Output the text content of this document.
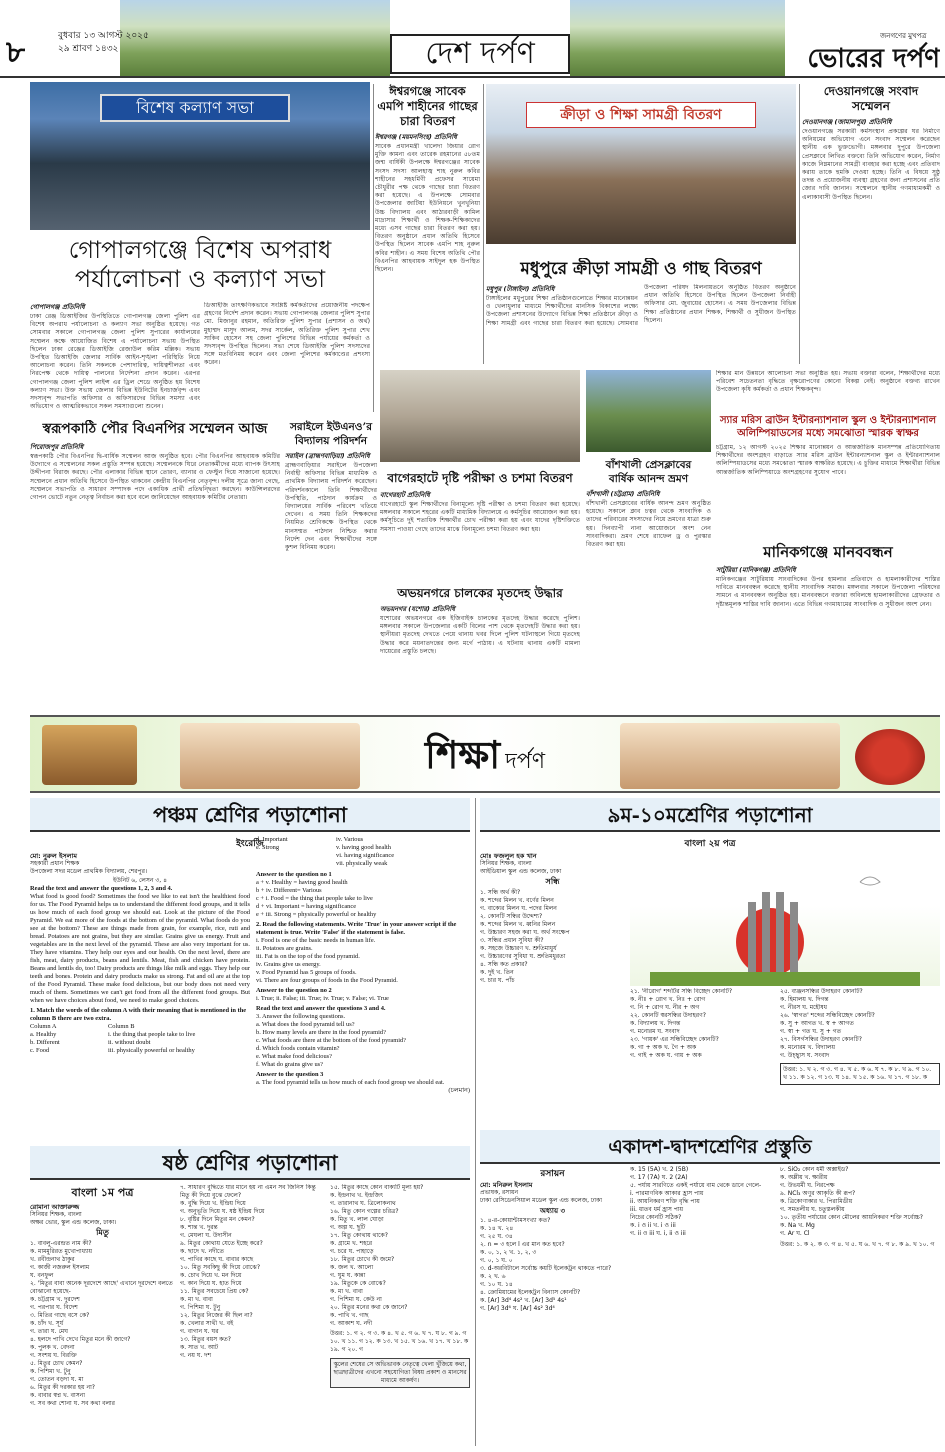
৮	বুধবার ১৩ আগস্ট ২০২৫
২৯ শ্রাবণ ১৪৩২	দেশ দর্পণ	জনগণের মুখপত্র
ভোরের দর্পণ
বিশেষ কল্যাণ সভা
গোপালগঞ্জে বিশেষ অপরাধ
পর্যালোচনা ও কল্যাণ সভা
গোপালগঞ্জ প্রতিনিধি
ঢাকা রেঞ্জ ডিআইজির উপস্থিতিতে গোপালগঞ্জ জেলা পুলিশ এর বিশেষ অপরাধ পর্যালোচনা ও কল্যাণ সভা অনুষ্ঠিত হয়েছে। গত সোমবার সকালে গোপালগঞ্জ জেলা পুলিশ সুপারের কার্যালয়ের সম্মেলন কক্ষে আয়োজিত বিশেষ এ পর্যালোচনা সভায় উপস্থিত ছিলেন ঢাকা রেঞ্জের ডিআইজি রেজাউল করিম মল্লিক। সভায় উপস্থিত ডিআইজি জেলার সার্বিক আইন-শৃঙ্খলা পরিস্থিতি নিয়ে আলোচনা করেন। তিনি সকলকে পেশাদারিত্ব, দায়িত্বশীলতা এবং নিরপেক্ষ থেকে দায়িত্ব পালনের নির্দেশনা প্রদান করেন। এরপর গোপালগঞ্জ জেলা পুলিশ লাইন্স এর ড্রিল শেডে অনুষ্ঠিত হয় বিশেষ কল্যাণ সভা। উক্ত সভায় জেলার বিভিন্ন ইউনিটের ইনচার্জবৃন্দ এবং সদস্যবৃন্দ সভাপতি অফিসার ও অফিসারদের বিভিন্ন সমস্যা এবং অভিযোগ ও আত্মরিকভাবে সকল সমস্যাগুলো শুনেন।
ডিআইজি তাৎক্ষণিকভাবে সংশ্লিষ্ট কর্মকর্তাদের প্রয়োজনীয় পদক্ষেপ গ্রহণের নির্দেশ প্রদান করেন। সভায় গোপালগঞ্জ জেলার পুলিশ সুপার মো. মিজানুর রহমান, অতিরিক্ত পুলিশ সুপার (প্রশাসন ও অর্থ) মুহাম্মদ মাসুদ আলম, সদর সার্কেল, অতিরিক্ত পুলিশ সুপার শেখ সাকিব হোসেন সহ জেলা পুলিশের বিভিন্ন পর্যায়ের কর্মকর্তা ও সদস্যবৃন্দ উপস্থিত ছিলেন। সভা শেষে ডিআইজি পুলিশ সদস্যদের সঙ্গে মতবিনিময় করেন এবং জেলা পুলিশের কর্মকাণ্ডের প্রশংসা করেন।
ঈশ্বরগঞ্জে সাবেক
এমপি শাহীনের গাছের
চারা বিতরণ
ঈশ্বরগঞ্জ (ময়মনসিংহ) প্রতিনিধি
সাবেক প্রধানমন্ত্রী খালেদা জিয়ার রোগ মুক্তি কামনা এবং তারেক রহমানের ৫৮তম জন্ম বার্ষিকী উপলক্ষে ঈশ্বরগঞ্জের সাবেক সংসদ সদস্য আলহাজ্ব শাহ নুরুল কবির শাহীনের সহধর্মিণী প্রফেসর সায়েমা চৌধুরীর পক্ষ থেকে গাছের চারা বিতরণ করা হয়েছে। এ উপলক্ষে সোমবার উপজেলার জাটিয়া ইউনিয়নে খুনখুনিয়া উচ্চ বিদ্যালয় এবং আঠারবাড়ী কামিল মাদ্রাসার শিক্ষার্থী ও শিক্ষক-শিক্ষিকাদের মধ্যে এসব গাছের চারা বিতরণ করা হয়। বিতরণ অনুষ্ঠানে প্রধান অতিথি হিসেবে উপস্থিত ছিলেন সাবেক এমপি শাহ নুরুল কবির শাহীন। এ সময় বিশেষ অতিথি পৌর বিএনপির আহবায়ক সাইদুল হক উপস্থিত ছিলেন।
ক্রীড়া ও শিক্ষা সামগ্রী বিতরণ
মধুপুরে ক্রীড়া সামগ্রী ও গাছ বিতরণ
মধুপুর (টাঙ্গাইল) প্রতিনিধি
টাঙ্গাইলের মধুপুরের শিক্ষা প্রতিষ্ঠানগুলোতে শিক্ষার মানোন্নয়ন ও খেলাধুলার মাধ্যমে শিক্ষার্থীদের মানসিক বিকাশের লক্ষ্যে উপজেলা প্রশাসনের উদ্যোগে বিভিন্ন শিক্ষা প্রতিষ্ঠানে ক্রীড়া ও শিক্ষা সামগ্রী এবং গাছের চারা বিতরণ করা হয়েছে। সোমবার উপজেলা পরিষদ মিলনায়তনে অনুষ্ঠিত বিতরণ অনুষ্ঠানে প্রধান অতিথি হিসেবে উপস্থিত ছিলেন উপজেলা নির্বাহী অফিসার মো. জুবায়ের হোসেন। এ সময় উপজেলার বিভিন্ন শিক্ষা প্রতিষ্ঠানের প্রধান শিক্ষক, শিক্ষার্থী ও সুধীজন উপস্থিত ছিলেন।
দেওয়ানগঞ্জে সংবাদ
সম্মেলন
দেওয়ানগঞ্জ (জামালপুর) প্রতিনিধি
দেওয়ানগঞ্জে সরকারী কর্মসংস্থান প্রকল্পের ঘর নির্মাণে অনিয়মের অভিযোগ এনে সংবাদ সম্মেলন করেছেন স্থানীয় এক ভুক্তভোগী। মঙ্গলবার দুপুরে উপজেলা প্রেসক্লাবে লিখিত বক্তব্যে তিনি অভিযোগ করেন, নির্মাণ কাজে নিম্নমানের সামগ্রী ব্যবহার করা হচ্ছে এবং প্রতিবাদ করায় তাকে হুমকি দেওয়া হচ্ছে। তিনি এ বিষয়ে সুষ্ঠু তদন্ত ও প্রয়োজনীয় ব্যবস্থা গ্রহণের জন্য প্রশাসনের প্রতি জোর দাবি জানান। সম্মেলনে স্থানীয় গণমাধ্যমকর্মী ও এলাকাবাসী উপস্থিত ছিলেন।
স্বরূপকাঠি পৌর বিএনপির সম্মেলন আজ
পিরোজপুর প্রতিনিধি
স্বরূপকাঠি পৌর বিএনপির দ্বি-বার্ষিক সম্মেলন আজ অনুষ্ঠিত হবে। পৌর বিএনপির আহবায়ক কমিটির উদ্যোগে এ সম্মেলনের সকল প্রস্তুতি সম্পন্ন হয়েছে। সম্মেলনকে ঘিরে নেতাকর্মীদের মধ্যে ব্যাপক উৎসাহ উদ্দীপনা বিরাজ করছে। পৌর এলাকার বিভিন্ন স্থানে তোরণ, ব্যানার ও ফেস্টুন দিয়ে সাজানো হয়েছে। সম্মেলনে প্রধান অতিথি হিসেবে উপস্থিত থাকবেন কেন্দ্রীয় বিএনপির নেতৃবৃন্দ। দলীয় সূত্রে জানা গেছে, সম্মেলনে সভাপতি ও সাধারণ সম্পাদক পদে একাধিক প্রার্থী প্রতিদ্বন্দ্বিতা করছেন। কাউন্সিলরদের গোপন ভোটে নতুন নেতৃত্ব নির্বাচন করা হবে বলে জানিয়েছেন আহবায়ক কমিটির নেতারা।
সরাইলে ইউএনও’র
বিদ্যালয় পরিদর্শন
সরাইল (ব্রাহ্মণবাড়িয়া) প্রতিনিধি
ব্রাহ্মণবাড়িয়ার সরাইলে উপজেলা নির্বাহী অফিসার বিভিন্ন মাধ্যমিক ও প্রাথমিক বিদ্যালয় পরিদর্শন করেছেন। পরিদর্শনকালে তিনি শিক্ষার্থীদের উপস্থিতি, পাঠদান কার্যক্রম ও বিদ্যালয়ের সার্বিক পরিবেশ খতিয়ে দেখেন। এ সময় তিনি শিক্ষকদের নিয়মিত শ্রেণিকক্ষে উপস্থিত থেকে মানসম্মত পাঠদান নিশ্চিত করার নির্দেশ দেন এবং শিক্ষার্থীদের সঙ্গে কুশল বিনিময় করেন।
বাগেরহাটে দৃষ্টি পরীক্ষা ও চশমা বিতরণ
বাগেরহাট প্রতিনিধি
বাগেরহাটে স্কুল শিক্ষার্থীদের বিনামূল্যে দৃষ্টি পরীক্ষা ও চশমা বিতরণ করা হয়েছে। মঙ্গলবার সকালে শহরের একটি মাধ্যমিক বিদ্যালয়ে এ কর্মসূচির আয়োজন করা হয়। কর্মসূচিতে দুই শতাধিক শিক্ষার্থীর চোখ পরীক্ষা করা হয় এবং যাদের দৃষ্টিশক্তিতে সমস্যা পাওয়া গেছে তাদের মাঝে বিনামূল্যে চশমা বিতরণ করা হয়।
অভয়নগরে চালকের মৃতদেহ উদ্ধার
অভয়নগর (যশোর) প্রতিনিধি
যশোরের অভয়নগরে এক ইজিবাইক চালকের মৃতদেহ উদ্ধার করেছে পুলিশ। মঙ্গলবার সকালে উপজেলার একটি বিলের পাশ থেকে মৃতদেহটি উদ্ধার করা হয়। স্থানীয়রা মৃতদেহ দেখতে পেয়ে থানায় খবর দিলে পুলিশ ঘটনাস্থলে গিয়ে মৃতদেহ উদ্ধার করে ময়নাতদন্তের জন্য মর্গে পাঠায়। এ ঘটনায় থানায় একটি মামলা দায়েরের প্রস্তুতি চলছে।
বাঁশখালী প্রেসক্লাবের
বার্ষিক আনন্দ ভ্রমণ
বাঁশখালী (চট্টগ্রাম) প্রতিনিধি
বাঁশখালী প্রেসক্লাবের বার্ষিক আনন্দ ভ্রমণ অনুষ্ঠিত হয়েছে। সকালে ক্লাব চত্বর থেকে সাংবাদিক ও তাদের পরিবারের সদস্যদের নিয়ে ভ্রমণের যাত্রা শুরু হয়। দিনব্যাপী নানা আয়োজনে অংশ নেন সাংবাদিকরা। ভ্রমণ শেষে র‍্যাফেল ড্র ও পুরস্কার বিতরণ করা হয়।
শিক্ষার মান উন্নয়নে আলোচনা সভা অনুষ্ঠিত হয়। সভায় বক্তারা বলেন, শিক্ষার্থীদের মধ্যে পরিবেশ সচেতনতা বৃদ্ধিতে বৃক্ষরোপণের কোনো বিকল্প নেই। অনুষ্ঠানে বক্তব্য রাখেন উপজেলা কৃষি কর্মকর্তা ও প্রধান শিক্ষকবৃন্দ।
স্যার মরিস ব্রাউন ইন্টারন্যাশনাল স্কুল ও ইন্টারন্যাশনাল
অলিম্পিয়াডসের মধ্যে সমঝোতা স্মারক স্বাক্ষর
চট্টগ্রাম, ১২ আগস্ট ২০২৫ শিক্ষার মানোন্নয়ন ও আন্তর্জাতিক মানসম্পন্ন প্রতিযোগিতায় শিক্ষার্থীদের অংশগ্রহণ বাড়াতে স্যার মরিস ব্রাউন ইন্টারন্যাশনাল স্কুল ও ইন্টারন্যাশনাল অলিম্পিয়াডসের মধ্যে সমঝোতা স্মারক স্বাক্ষরিত হয়েছে। এ চুক্তির মাধ্যমে শিক্ষার্থীরা বিভিন্ন আন্তর্জাতিক অলিম্পিয়াডে অংশগ্রহণের সুযোগ পাবে।
মানিকগঞ্জে মানববন্ধন
সাটুরিয়া (মানিকগঞ্জ) প্রতিনিধি
মানিকগঞ্জের সাটুরিয়ায় সাংবাদিকের উপর হামলার প্রতিবাদে ও হামলাকারীদের শাস্তির দাবিতে মানববন্ধন করেছে স্থানীয় সাংবাদিক সমাজ। মঙ্গলবার সকালে উপজেলা পরিষদের সামনে এ মানববন্ধন অনুষ্ঠিত হয়। মানববন্ধনে বক্তারা অবিলম্বে হামলাকারীদের গ্রেফতার ও দৃষ্টান্তমূলক শাস্তির দাবি জানান। এতে বিভিন্ন গণমাধ্যমের সাংবাদিক ও সুধীজন অংশ নেন।
শিক্ষা দর্পণ
পঞ্চম শ্রেণির পড়াশোনা
ইংরেজি
মো: নুরুল ইসলাম
সহকারী প্রধান শিক্ষক
উপজেলা সদর মডেল প্রাথমিক বিদ্যালয়, শেরপুর।
ইউনিট ৬, লেসন ৩, ৪
Read the text and answer the questions 1, 2, 3 and 4.
What food is good food? Sometimes the food we like to eat isn't the healthiest food for us. The Food Pyramid helps us to understand the different food groups, and it tells us how much of each food group we should eat. Look at the picture of the Food Pyramid. We eat more of the foods at the bottom of the pyramid. What foods do you see at the bottom? These are things made from grain, for example, rice, ruti and bread. Potatoes are not grains, but they are similar. Grains give us energy. Fruit and vegetables are in the next level of the pyramid. These are also very important for us. They have vitamins. They help our eyes and our health. On the next level, there are fish, meat, dairy products, beans and lentils. Meat, fish and chicken have protein. Beans and lentils do, too! Dairy products are things like milk and eggs. They help our teeth and bones. Protein and dairy products make us strong. Fat and oil are at the top of the Food Pyramid. These make food delicious, but our body does not need very much of them. Sometimes we can't get food from all the different food groups. But when we have choices about food, we need to make good choices.
1. Match the words of the column A with their meaning that is mentioned in the column B there are two extra.
Column A	Column B
a. Healthy	i. the thing that people take to live
b. Different	ii. without doubt
c. Food	iii. physically powerful or healthy
d. Important	iv. Various
e. Strong	v. having good health
vi. having significance
vii. physically weak
Answer to the question no 1
a + v. Healthy = having good health
b + iv. Different= Various
c + i. Food = the thing that people take to live
d + vi. Important = having significance
e + iii. Strong = physically powerful or healthy
2. Read the following statements. Write 'True' in your answer script if the statement is true. Write 'False' if the statement is false.
i. Food is one of the basic needs in human life.
ii. Potatoes are grains.
iii. Fat is on the top of the food pyramid.
iv. Grains give us energy.
v. Food Pyramid has 5 groups of foods.
vi. There are four groups of foods in the Food Pyramid.
Answer to the question no 2
i. True; ii. False; iii. True; iv. True; v. False; vi. True
Read the text and answer the questions 3 and 4.
3. Answer the following questions.
a. What does the food pyramid tell us?
b. How many levels are there in the food pyramid?
c. What foods are there at the bottom of the food pyramid?
d. Which foods contain vitamin?
e. What make food delicious?
f. What do grains give us?
Answer to the question 3
a. The food pyramid tells us how much of each food group we should eat.
(চলমান)
ষষ্ঠ শ্রেণির পড়াশোনা
বাংলা ১ম পত্র
রোমানা আক্তারুজ্জ
সিনিয়র শিক্ষক, বাংলা
অক্ষর ভোর, স্কুল এন্ড কলেজ, ঢাকা।
মিতু
১. বাবলু-এরন্দ্রত নাম কী?
ক. মামমুরিরত মুখোপাধ্যায়
খ. রবীন্দ্রনাথ ঠাকুর
গ. কাজী নজরুল ইসলাম
ঘ. বনফুল
২. 'মিতুর বাবা অনেক দূরদেশে আছে' এখানে দূরদেশে বলতে বোঝানো হয়েছে-
ক. চট্টগ্রাম খ. দুরদেশ
গ. পরপার ঘ. বিদেশ
৩. মিতির গাছে বসে কে?
ক. চাঁদ খ. সূর্য
গ. তারা ঘ. মেঘ
৪. হলদে পাখি দেখে মিতুর মনে কী জাগে?
ক. পুলক খ. বেদনা
গ. সংশয় ঘ. বিরক্তি
৫. মিতুর চোখ কেমন?
ক. পিশিমা খ. টুনু
গ. তোতন বড়দা ঘ. মা
৬. মিতুর কী দরকার হয় না?
ক. বাবার স্বপ্ন খ. বাসনা
গ. সব কথা শোনা ঘ. সব কথা বলার
৭. সাধারণ বুদ্ধিতে যার মানে হয় না এমন সব জিনিস কিন্তু মিতু কী দিয়ে বুঝে ফেলে?
ক. বুদ্ধি দিয়ে খ. ইন্দ্রিয় দিয়ে
গ. অনুভূতি দিয়ে ঘ. ষষ্ঠ ইন্দ্রিয় দিয়ে
৮. বৃষ্টির দিনে মিতুর মন কেমন?
ক. শান্ত খ. দুরন্ত
গ. মেঘলা ঘ. উদাসীন
৯. মিতুর কোথায় যেতে ইচ্ছে করে?
ক. ছাদে খ. নদীতে
গ. পাখির কাছে ঘ. বাবার কাছে
১০. মিতু সবকিছু কী দিয়ে বোঝে?
ক. চোখ দিয়ে খ. মন দিয়ে
গ. কান দিয়ে ঘ. হাত দিয়ে
১১. মিতুর সবচেয়ে প্রিয় কে?
ক. মা খ. বাবা
গ. পিশিমা ঘ. টুনু
১২. মিতুর নিজের কী ছিল না?
ক. খেলার সাথী খ. বই
গ. বাগান ঘ. ঘর
১৩. মিতুর বয়স কত?
ক. সাত খ. আট
গ. নয় ঘ. দশ
১৫. মিতুর কাছে কোন বাক্যটি মূল্য হয়?
ক. ইন্দ্রনাথ খ. ইন্দ্রজিৎ
গ. তারানাথ ঘ. ত্রিলোকনাথ
১৬. মিতু কোন গল্পের চরিত্র?
ক. মিতু খ. লাল ঘোড়া
গ. অল্প ঘ. ছুটি
১৭. মিতু কোথায় থাকে?
ক. গ্রামে খ. শহরে
গ. চরে ঘ. পাহাড়ে
১৮. মিতুর চোখে কী জমে?
ক. জল খ. আলো
গ. ঘুম ঘ. কান্না
১৯. মিতুকে কে বোঝে?
ক. মা খ. বাবা
গ. পিশিমা ঘ. কেউ না
২০. মিতুর মনের কথা কে জানে?
ক. পাখি খ. গাছ
গ. আকাশ ঘ. নদী
উত্তর: ১. গ ২. গ ৩. ক ৪. খ ৫. গ ৬. খ ৭. ঘ ৮. গ ৯. গ ১০. খ ১১. গ ১২. ক ১৩. খ ১৫. খ ১৬. খ ১৭. খ ১৮. ক ১৯. গ ২০. গ
স্কুলের শেষের সে অভিভাবক নেতৃত্বে খেলা খুঁজিয়ে কথা, ছাত্রছাত্রীদের এখনো সহযোগিতা বিষয় প্রকাশ ও মানসের মাধ্যমে আকর্ষণ।
৯ম-১০মশ্রেণির পড়াশোনা
বাংলা ২য় পত্র
মোঃ ফজলুল হক খান
সিনিয়র শিক্ষক, বাংলা
আইডিয়াল স্কুল এন্ড কলেজ, ঢাকা
সন্ধি
১. সন্ধি অর্থ কী?
ক. শব্দের মিলন খ. বর্ণের মিলন
গ. বাক্যের মিলন ঘ. পদের মিলন
২. কোনটি সন্ধির উদ্দেশ্য?
ক. শব্দের মিলন খ. ধ্বনির মিলন
গ. উচ্চারণ সহজ করা ঘ. অর্থ সংক্ষেপ
৩. সন্ধির প্রধান সুবিধা কী?
ক. সহজে উচ্চারণ খ. শ্রুতিমাধুর্য
গ. উচ্চারণের সুবিধা ঘ. শ্রুতিমধুরতা
৪. সন্ধি কত প্রকার?
ক. দুই খ. তিন
গ. চার ঘ. পাঁচ
২১. 'নীরোগ' শব্দটির সন্ধি বিচ্ছেদ কোনটি?
ক. নীঃ + রোগ খ. নিঃ + রোগ
গ. নি + রোগ ঘ. নীর + অগ
২২. কোনটি স্বরসন্ধির উদাহরণ?
ক. বিদ্যালয় খ. দিগন্ত
গ. মনোরম ঘ. সংবাদ
২৩. 'গায়ক' এর সন্ধিবিচ্ছেদ কোনটি?
ক. গা + অক খ. গৈ + অক
গ. গাই + অক ঘ. গায় + অক
২৫. ব্যঞ্জনসন্ধির উদাহরণ কোনটি?
ক. হিমালয় খ. দিগন্ত
গ. নীরস ঘ. মহৌষধ
২৬. 'স্বাগত' শব্দের সন্ধিবিচ্ছেদ কোনটি?
ক. সু + আগত খ. স্ব + আগত
গ. স্বা + গত ঘ. সু + গত
২৭. বিসর্গসন্ধির উদাহরণ কোনটি?
ক. মনোরম খ. বিদ্যালয়
গ. উচ্ছ্বাস ঘ. সংবাদ
উত্তর: ১. খ ২. গ ৩. গ ৪. খ ৫. ক ৬. ঘ ৭. ক ৮. খ ৯. গ ১০. খ ১১. ক ১২. গ ১৩. ঘ ১৪. খ ১৫. ক ১৬. খ ১৭. গ ১৮. ক
একাদশ-দ্বাদশশ্রেণির প্রস্তুতি
রসায়ন
মো: মনিরুল ইসলাম
প্রভাষক, রসায়ন
ঢাকা রেসিডেনসিয়াল মডেল স্কুল এন্ড কলেজ, ঢাকা
অধ্যায় ৩
১. ৪-র-কোয়ান্টামসংখ্যা কত?
ক. ১৪ খ. ২৪
গ. ২৫ ঘ. ৩৪
২. n = ৩ হলে l এর মান কত হবে?
ক. ০, ১, ২ খ. ১, ২, ৩
গ. ০, ১ ঘ. ০
৩. d-অরবিটালে সর্বোচ্চ কয়টি ইলেকট্রন থাকতে পারে?
ক. ২ খ. ৬
গ. ১০ ঘ. ১৪
৪. ক্রোমিয়ামের ইলেকট্রন বিন্যাস কোনটি?
ক. [Ar] 3d⁴ 4s² খ. [Ar] 3d⁵ 4s¹
গ. [Ar] 3d⁶ ঘ. [Ar] 4s² 3d⁴
ক. 15 (5A) খ. 2 (5B)
গ. 17 (7A) ঘ. 2 (2A)
৫. পর্যায় সারণিতে একই পর্যায়ে বাম থেকে ডানে গেলে-
i. পারমাণবিক আকার হ্রাস পায়
ii. আয়নিকরণ শক্তি বৃদ্ধি পায়
iii. ধাতব ধর্ম হ্রাস পায়
নিচের কোনটি সঠিক?
ক. i ও ii খ. i ও iii
গ. ii ও iii ঘ. i, ii ও iii
৮. SiO₂ কোন ধর্মী অক্সাইড?
ক. অম্লীয় খ. ক্ষারীয়
গ. উভধর্মী ঘ. নিরপেক্ষ
৯. NCl₃ অণুর আকৃতি কী রূপ?
ক. ত্রিকোণাকার খ. পিরামিডীয়
গ. সমতলীয় ঘ. চতুস্তলকীয়
১০. তৃতীয় পর্যায়ের কোন মৌলের আয়নিকরণ শক্তি সর্বোচ্চ?
ক. Na খ. Mg
গ. Ar ঘ. Cl
উত্তর: ১. ক ২. ক ৩. গ ৪. খ ৫. ঘ ৬. খ ৭. গ ৮. ক ৯. খ ১০. গ
